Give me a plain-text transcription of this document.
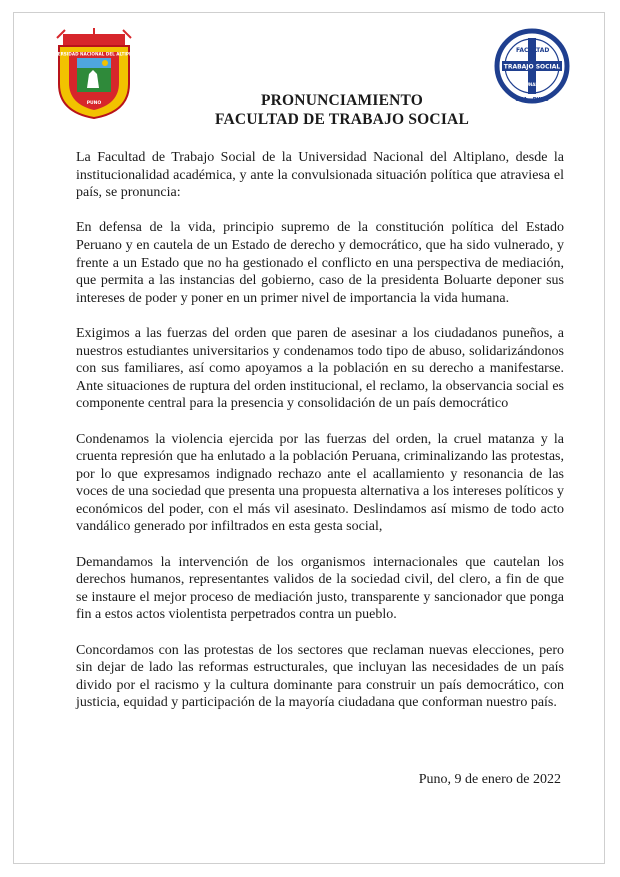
UNIVERSIDAD NACIONAL DEL ALTIPLANO
PUNO
FACULTAD
TRABAJO SOCIAL
UNA - PUNO
UNAP
PRONUNCIAMIENTO
FACULTAD DE TRABAJO SOCIAL

La Facultad de Trabajo Social de la Universidad Nacional del Altiplano, desde la institucionalidad académica, y ante la convulsionada situación política que atraviesa el país, se pronuncia:

En defensa de la vida, principio supremo de la constitución política del Estado Peruano y en cautela de un Estado de derecho y democrático, que ha sido vulnerado, y frente a un Estado que no ha gestionado el conflicto en una perspectiva de mediación, que permita a las instancias del gobierno, caso de la presidenta Boluarte deponer sus intereses de poder y poner en un primer nivel de importancia la vida humana.

Exigimos a las fuerzas del orden que paren de asesinar a los ciudadanos puneños, a nuestros estudiantes universitarios y condenamos todo tipo de abuso, solidarizándonos con sus familiares, así como apoyamos a la población en su derecho a manifestarse. Ante situaciones de ruptura del orden institucional, el reclamo, la observancia social es componente central para la presencia y consolidación de un país democrático

Condenamos la violencia ejercida por las fuerzas del orden, la cruel matanza y la cruenta represión que ha enlutado a la población Peruana, criminalizando las protestas, por lo que expresamos indignado rechazo ante el acallamiento y resonancia de las voces de una sociedad que presenta una propuesta alternativa a los intereses políticos y económicos del poder, con el más vil asesinato. Deslindamos así mismo de todo acto vandálico generado por infiltrados en esta gesta social,

Demandamos la intervención de los organismos internacionales que cautelan los derechos humanos, representantes validos de la sociedad civil, del clero, a fin de que se instaure el mejor proceso de mediación justo, transparente y sancionador que ponga fin a estos actos violentista perpetrados contra un pueblo.

Concordamos con las protestas de los sectores que reclaman nuevas elecciones, pero sin dejar de lado las reformas estructurales, que incluyan las necesidades de un país divido por el racismo y la cultura dominante para construir un país democrático, con justicia, equidad y participación de la mayoría ciudadana que conforman nuestro país.

Puno, 9 de enero de 2022
